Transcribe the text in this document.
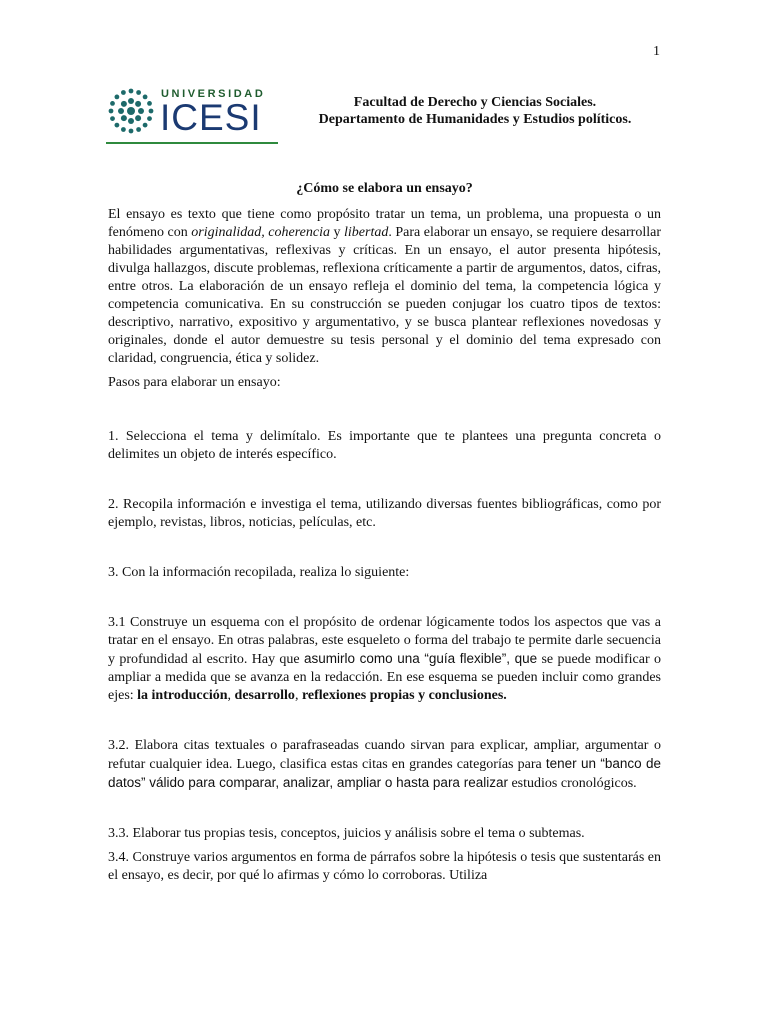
1
UNIVERSIDAD
ICESI	Facultad de Derecho y Ciencias Sociales.
Departamento de Humanidades y Estudios políticos.
¿Cómo se elabora un ensayo?

El ensayo es texto que tiene como propósito tratar un tema, un problema, una propuesta o un fenómeno con originalidad, coherencia y libertad. Para elaborar un ensayo, se requiere desarrollar habilidades argumentativas, reflexivas y críticas. En un ensayo, el autor presenta hipótesis, divulga hallazgos, discute problemas, reflexiona críticamente a partir de argumentos, datos, cifras, entre otros. La elaboración de un ensayo refleja el dominio del tema, la competencia lógica y competencia comunicativa. En su construcción se pueden conjugar los cuatro tipos de textos: descriptivo, narrativo, expositivo y argumentativo, y se busca plantear reflexiones novedosas y originales, donde el autor demuestre su tesis personal y el dominio del tema expresado con claridad, congruencia, ética y solidez.

Pasos para elaborar un ensayo:

1. Selecciona el tema y delimítalo. Es importante que te plantees una pregunta concreta o delimites un objeto de interés específico.

2. Recopila información e investiga el tema, utilizando diversas fuentes bibliográficas, como por ejemplo, revistas, libros, noticias, películas, etc.

3. Con la información recopilada, realiza lo siguiente:

3.1 Construye un esquema con el propósito de ordenar lógicamente todos los aspectos que vas a tratar en el ensayo. En otras palabras, este esqueleto o forma del trabajo te permite darle secuencia y profundidad al escrito. Hay que asumirlo como una “guía flexible”, que se puede modificar o ampliar a medida que se avanza en la redacción. En ese esquema se pueden incluir como grandes ejes: la introducción, desarrollo, reflexiones propias y conclusiones.

3.2. Elabora citas textuales o parafraseadas cuando sirvan para explicar, ampliar, argumentar o refutar cualquier idea. Luego, clasifica estas citas en grandes categorías para tener un “banco de datos” válido para comparar, analizar, ampliar o hasta para realizar estudios cronológicos.

3.3. Elaborar tus propias tesis, conceptos, juicios y análisis sobre el tema o subtemas.

3.4. Construye varios argumentos en forma de párrafos sobre la hipótesis o tesis que sustentarás en el ensayo, es decir, por qué lo afirmas y cómo lo corroboras. Utiliza
